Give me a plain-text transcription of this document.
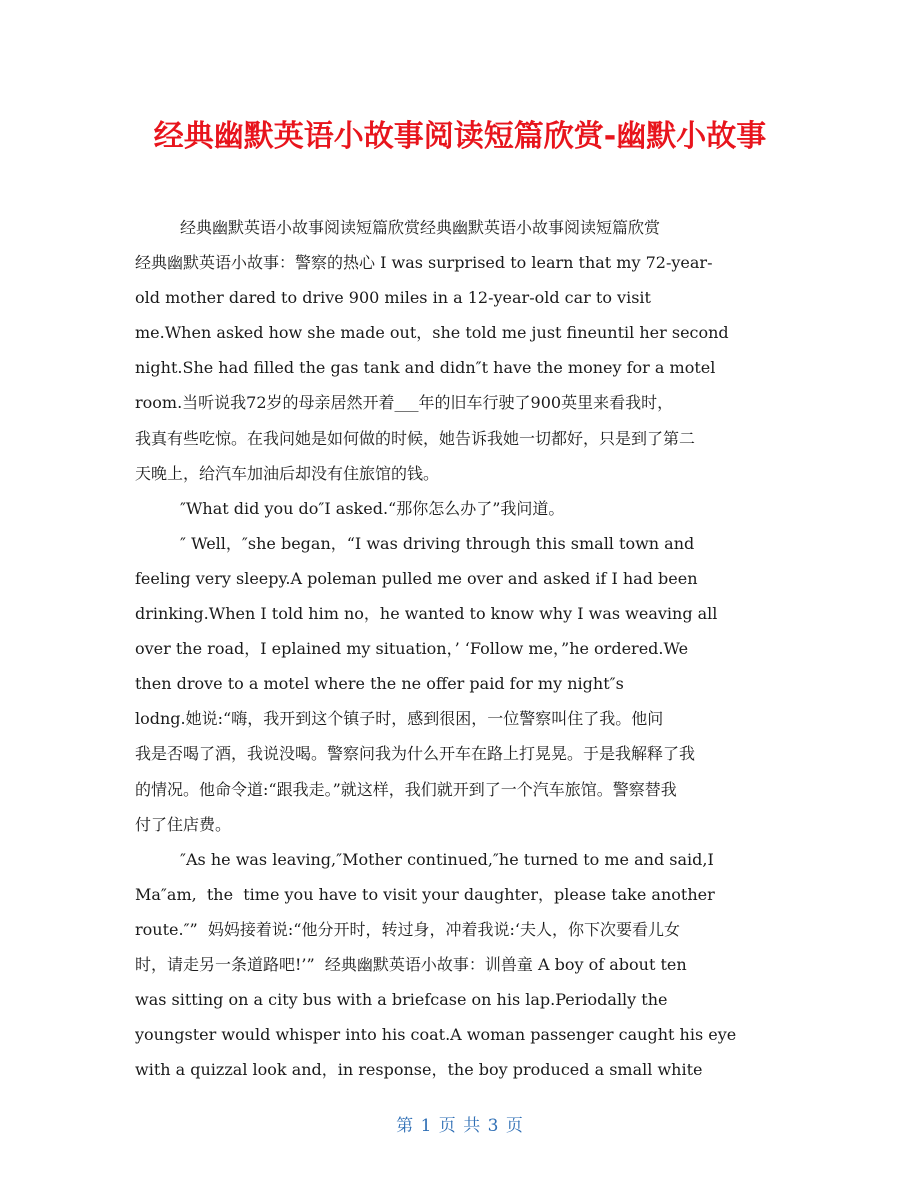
经典幽默英语小故事阅读短篇欣赏-幽默小故事
经典幽默英语小故事阅读短篇欣赏经典幽默英语小故事阅读短篇欣赏
经典幽默英语小故事：警察的热心 I was surprised to learn that my 72-year-
old mother dared to drive 900 miles in a 12-year-old car to visit
me.When asked how she made out，she told me just fineuntil her second
night.She had filled the gas tank and didn″t have the money for a motel
room.当听说我72岁的母亲居然开着___年的旧车行驶了900英里来看我时，
我真有些吃惊。在我问她是如何做的时候，她告诉我她一切都好，只是到了第二
天晚上，给汽车加油后却没有住旅馆的钱。
″What did you do″I asked.“那你怎么办了”我问道。
″ Well，″she began，“I was driving through this small town and
feeling very sleepy.A poleman pulled me over and asked if I had been
drinking.When I told him no，he wanted to know why I was weaving all
over the road，I eplained my situation，’ ‘Follow me，”he ordered.We
then drove to a motel where the ne offer paid for my night″s
lodng.她说:“嗨，我开到这个镇子时，感到很困，一位警察叫住了我。他问
我是否喝了酒，我说没喝。警察问我为什么开车在路上打晃晃。于是我解释了我
的情况。他命令道:“跟我走。”就这样，我们就开到了一个汽车旅馆。警察替我
付了住店费。
″As he was leaving,″Mother continued,″he turned to me and said,I
Ma″am,  the  time you have to visit your daughter，please take another
route.″”  妈妈接着说:“他分开时，转过身，冲着我说:‘夫人，你下次要看儿女
时，请走另一条道路吧!’”  经典幽默英语小故事：训兽童 A boy of about ten
was sitting on a city bus with a briefcase on his lap.Periodally the
youngster would whisper into his coat.A woman passenger caught his eye
with a quizzal look and，in response，the boy produced a small white
第 1 页 共 3 页
